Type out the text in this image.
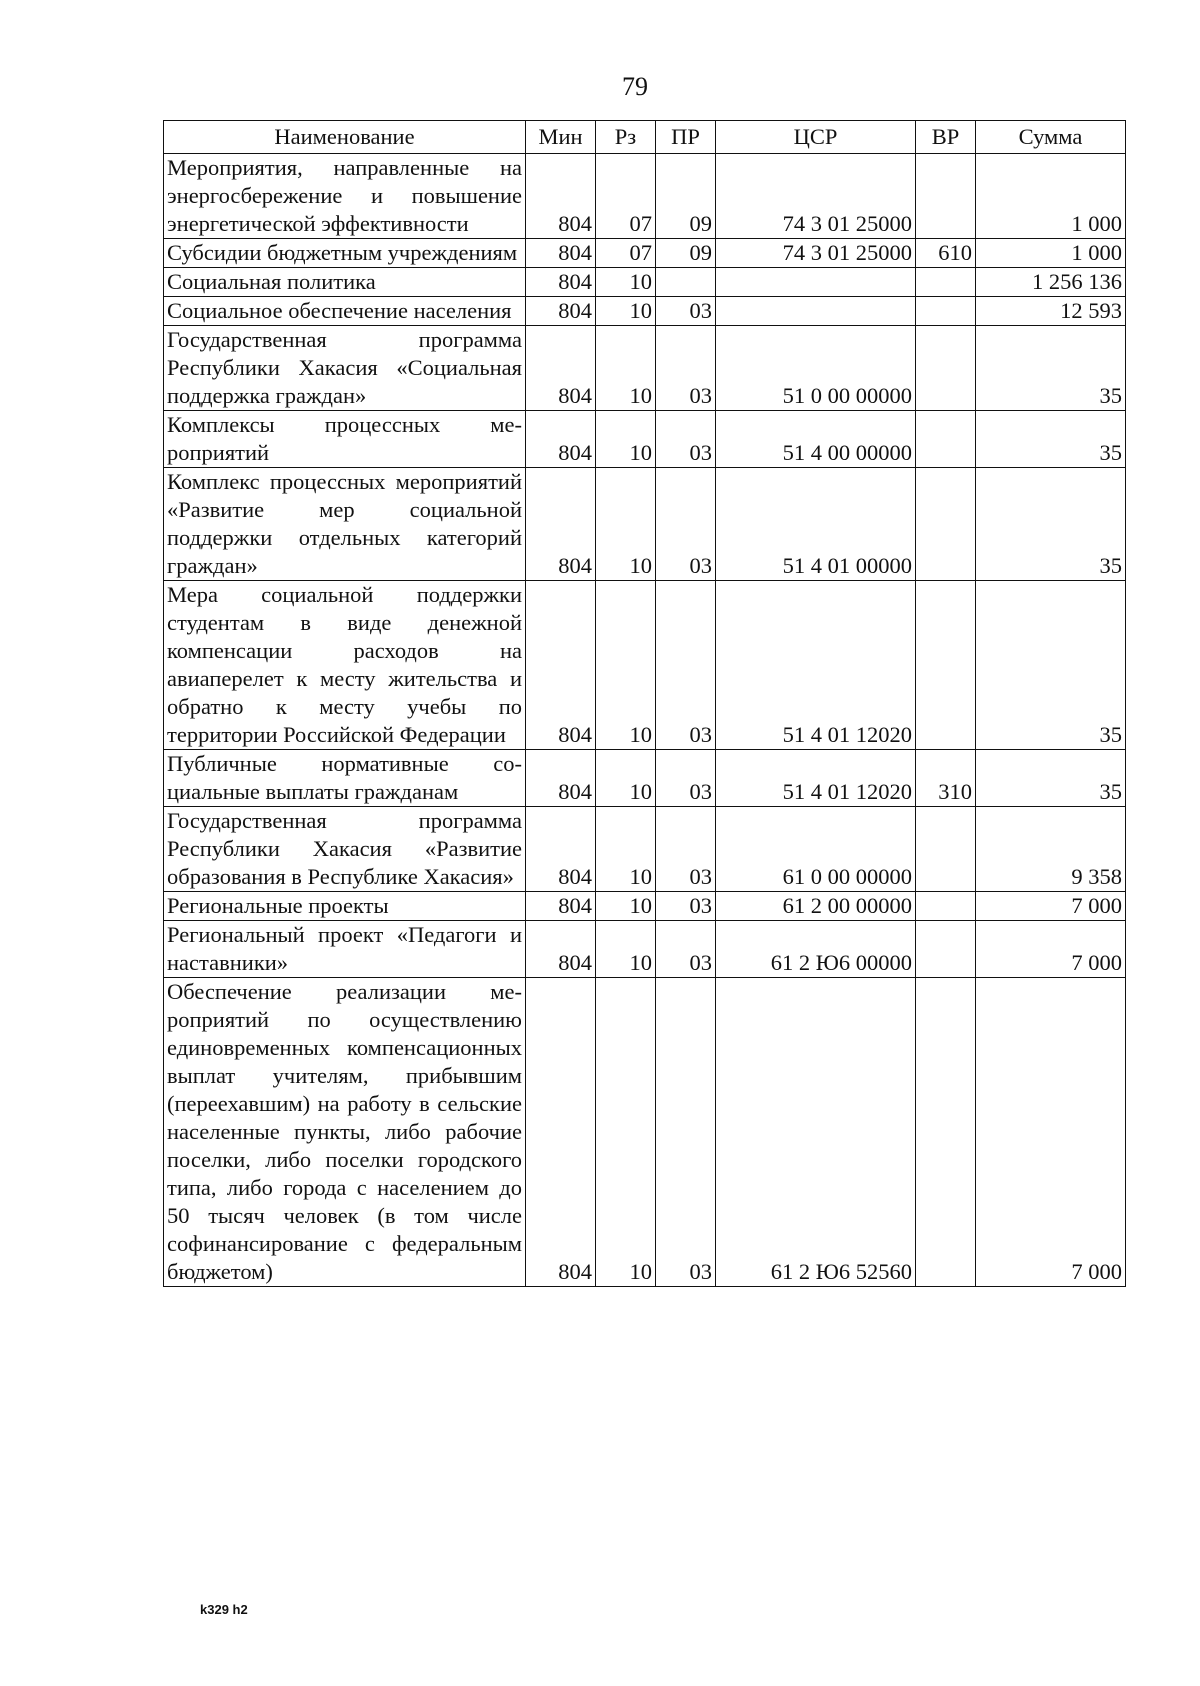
79
Наименование	Мин	Рз	ПР	ЦСР	ВР	Сумма
Мероприятия, направленные на энергосбережение и повышение энергетической эффективности	804	07	09	74 3 01 25000		1 000
Субсидии бюджетным учреждениям	804	07	09	74 3 01 25000	610	1 000
Социальная политика	804	10				1 256 136
Социальное обеспечение населения	804	10	03			12 593
Государственная программа Республики Хакасия «Социальная поддержка граждан»	804	10	03	51 0 00 00000		35
Комплексы процессных мероприятий	804	10	03	51 4 00 00000		35
Комплекс процессных мероприятий «Развитие мер социальной поддержки отдельных категорий граждан»	804	10	03	51 4 01 00000		35
Мера социальной поддержки студентам в виде денежной компенсации расходов на авиаперелет к месту жительства и обратно к месту учебы по территории Российской Федерации	804	10	03	51 4 01 12020		35
Публичные нормативные социальные выплаты гражданам	804	10	03	51 4 01 12020	310	35
Государственная программа Республики Хакасия «Развитие образования в Республике Хакасия»	804	10	03	61 0 00 00000		9 358
Региональные проекты	804	10	03	61 2 00 00000		7 000
Региональный проект «Педагоги и наставники»	804	10	03	61 2 Ю6 00000		7 000
Обеспечение реализации мероприятий по осуществлению единовременных компенсационных выплат учителям, прибывшим (переехавшим) на работу в сельские населенные пункты, либо рабочие поселки, либо поселки городского типа, либо города с населением до 50 тысяч человек (в том числе софинансирование с федеральным бюджетом)	804	10	03	61 2 Ю6 52560		7 000
k329 h2
